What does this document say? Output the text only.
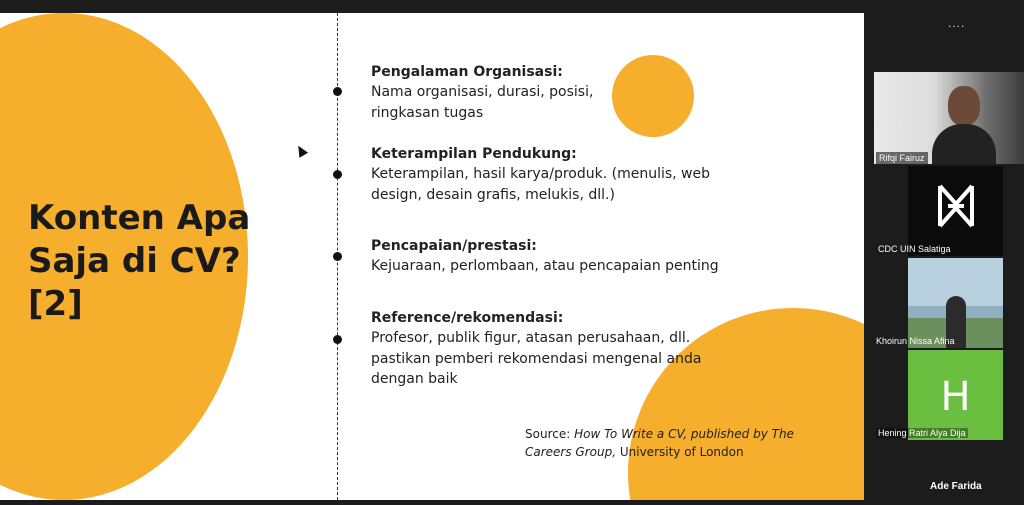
Konten Apa
Saja di CV?
[2]
Pengalaman Organisasi:

Nama organisasi, durasi, posisi,
ringkasan tugas

Keterampilan Pendukung:

Keterampilan, hasil karya/produk. (menulis, web
design, desain grafis, melukis, dll.)

Pencapaian/prestasi:

Kejuaraan, perlombaan, atau pencapaian penting

Reference/rekomendasi:

Profesor, publik figur, atasan perusahaan, dll.
pastikan pemberi rekomendasi mengenal anda
dengan baik

Source: How To Write a CV, published by The Careers Group, University of London
....
Rifqi Fairuz
CDC UIN Salatiga
Khoirun Nissa Afina
H
Hening Ratri Alya Dija
Ade Farida
